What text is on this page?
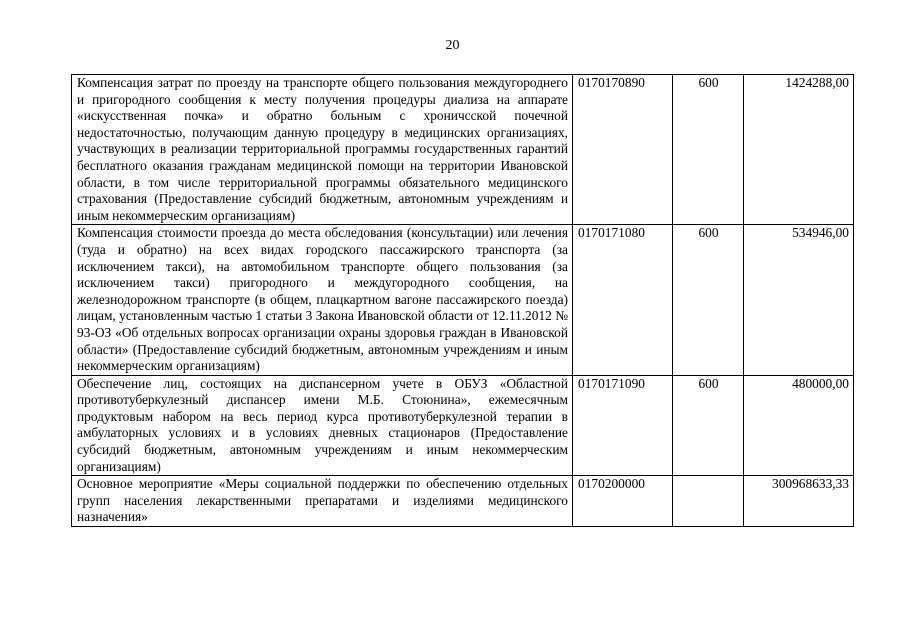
20
Компенсация затрат по проезду на транспорте общего пользования междугороднего и пригородного сообщения к месту получения процедуры диализа на аппарате «искусственная почка» и обратно больным с хроничсской почечной недостаточностью, получающим данную процедуру в медицинских организациях, участвующих в реализации территориальной программы государственных гарантий бесплатного оказания гражданам медицинской помощи на территории Ивановской области, в том числе территориальной программы обязательного медицинского страхования (Предоставление субсидий бюджетным, автономным учреждениям и иным некоммерческим организациям)	0170170890	600	1424288,00
Компенсация стоимости проезда до места обследования (консультации) или лечения (туда и обратно) на всех видах городского пассажирского транспорта (за исключением такси), на автомобильном транспорте общего пользования (за исключением такси) пригородного и междугородного сообщения, на железнодорожном транспорте (в общем, плацкартном вагоне пассажирского поезда) лицам, установленным частью 1 статьи 3 Закона Ивановской области от 12.11.2012 № 93-ОЗ «Об отдельных вопросах организации охраны здоровья граждан в Ивановской области» (Предоставление субсидий бюджетным, автономным учреждениям и иным некоммерческим организациям)	0170171080	600	534946,00
Обеспечение лиц, состоящих на диспансерном учете в ОБУЗ «Областной противотуберкулезный диспансер имени М.Б. Стоюнина», ежемесячным продуктовым набором на весь период курса противотуберкулезной терапии в амбулаторных условиях и в условиях дневных стационаров (Предоставление субсидий бюджетным, автономным учреждениям и иным некоммерческим организациям)	0170171090	600	480000,00
Основное мероприятие «Меры социальной поддержки по обеспечению отдельных групп населения лекарственными препаратами и изделиями медицинского назначения»	0170200000		300968633,33
